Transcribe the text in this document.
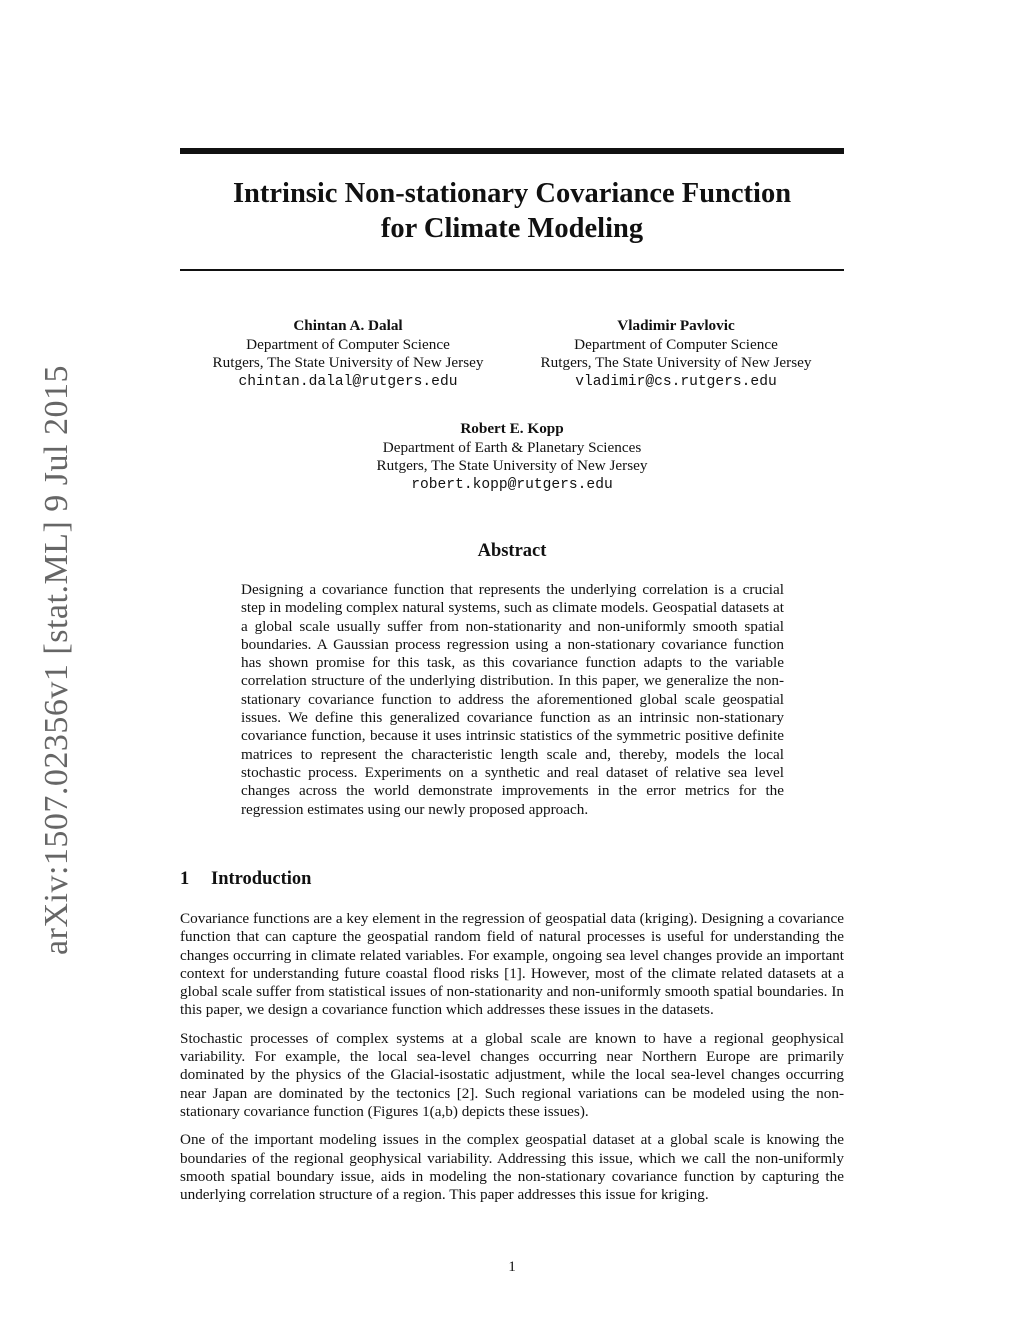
arXiv:1507.02356v1 [stat.ML] 9 Jul 2015
Intrinsic Non-stationary Covariance Function
for Climate Modeling
Chintan A. Dalal
Department of Computer Science
Rutgers, The State University of New Jersey
chintan.dalal@rutgers.edu
Vladimir Pavlovic
Department of Computer Science
Rutgers, The State University of New Jersey
vladimir@cs.rutgers.edu
Robert E. Kopp
Department of Earth & Planetary Sciences
Rutgers, The State University of New Jersey
robert.kopp@rutgers.edu
Abstract
Designing a covariance function that represents the underlying correlation is a crucial step in modeling complex natural systems, such as climate models. Geospatial datasets at a global scale usually suffer from non-stationarity and non-uniformly smooth spatial boundaries. A Gaussian process regression using a non-stationary covariance function has shown promise for this task, as this covariance function adapts to the variable correlation structure of the underlying distribution. In this paper, we generalize the non-stationary covariance function to address the aforementioned global scale geospatial issues. We define this generalized covariance function as an intrinsic non-stationary covariance function, because it uses intrinsic statistics of the symmetric positive definite matrices to represent the characteristic length scale and, thereby, models the local stochastic process. Experiments on a synthetic and real dataset of relative sea level changes across the world demonstrate improvements in the error metrics for the regression estimates using our newly proposed approach.
1 Introduction

Covariance functions are a key element in the regression of geospatial data (kriging). Designing a covariance function that can capture the geospatial random field of natural processes is useful for understanding the changes occurring in climate related variables. For example, ongoing sea level changes provide an important context for understanding future coastal flood risks [1]. However, most of the climate related datasets at a global scale suffer from statistical issues of non-stationarity and non-uniformly smooth spatial boundaries. In this paper, we design a covariance function which addresses these issues in the datasets.

Stochastic processes of complex systems at a global scale are known to have a regional geophysical variability. For example, the local sea-level changes occurring near Northern Europe are primarily dominated by the physics of the Glacial-isostatic adjustment, while the local sea-level changes occurring near Japan are dominated by the tectonics [2]. Such regional variations can be modeled using the non-stationary covariance function (Figures 1(a,b) depicts these issues).

One of the important modeling issues in the complex geospatial dataset at a global scale is knowing the boundaries of the regional geophysical variability. Addressing this issue, which we call the non-uniformly smooth spatial boundary issue, aids in modeling the non-stationary covariance function by capturing the underlying correlation structure of a region. This paper addresses this issue for kriging.

1
